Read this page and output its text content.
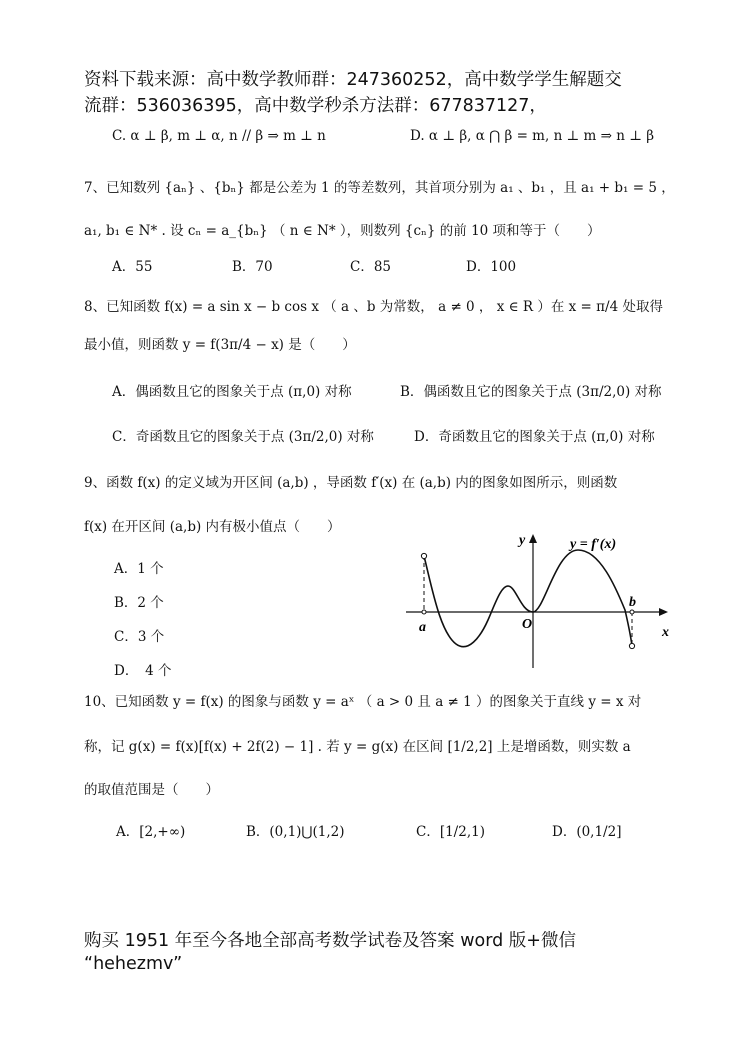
资料下载来源：高中数学教师群：247360252，高中数学学生解题交
流群：536036395，高中数学秒杀方法群：677837127，
C. α ⊥ β, m ⊥ α, n // β ⇒ m ⊥ n	D. α ⊥ β, α ⋂ β = m, n ⊥ m ⇒ n ⊥ β
7、已知数列 {aₙ} 、{bₙ} 都是公差为 1 的等差数列，其首项分别为 a₁ 、b₁ ，且 a₁ + b₁ = 5 ，
a₁, b₁ ∈ N* . 设 cₙ = a_{bₙ} （ n ∈ N* ），则数列 {cₙ} 的前 10 项和等于（　　）
A．55	B．70	C．85	D．100
8、已知函数 f(x) = a sin x − b cos x （ a 、b 为常数， a ≠ 0 ， x ∈ R ）在 x = π/4 处取得
最小值，则函数 y = f(3π/4 − x) 是（　　）
A．偶函数且它的图象关于点 (π,0) 对称	B．偶函数且它的图象关于点 (3π/2,0) 对称
C．奇函数且它的图象关于点 (3π/2,0) 对称	D．奇函数且它的图象关于点 (π,0) 对称
9、函数 f(x) 的定义域为开区间 (a,b) ，导函数 f′(x) 在 (a,b) 内的图象如图所示，则函数
f(x) 在开区间 (a,b) 内有极小值点（　　）
A．1 个
B．2 个
C．3 个
D．　4 个
y
x
y = f′(x)
a
b
O
10、已知函数 y = f(x) 的图象与函数 y = aˣ （ a > 0 且 a ≠ 1 ）的图象关于直线 y = x 对
称，记 g(x) = f(x)[f(x) + 2f(2) − 1] . 若 y = g(x) 在区间 [1/2,2] 上是增函数，则实数 a
的取值范围是（　　）
A．[2,+∞)	B．(0,1)⋃(1,2)	C．[1/2,1)	D．(0,1/2]
购买 1951 年至今各地全部高考数学试卷及答案 word 版+微信
“hehezmv”
